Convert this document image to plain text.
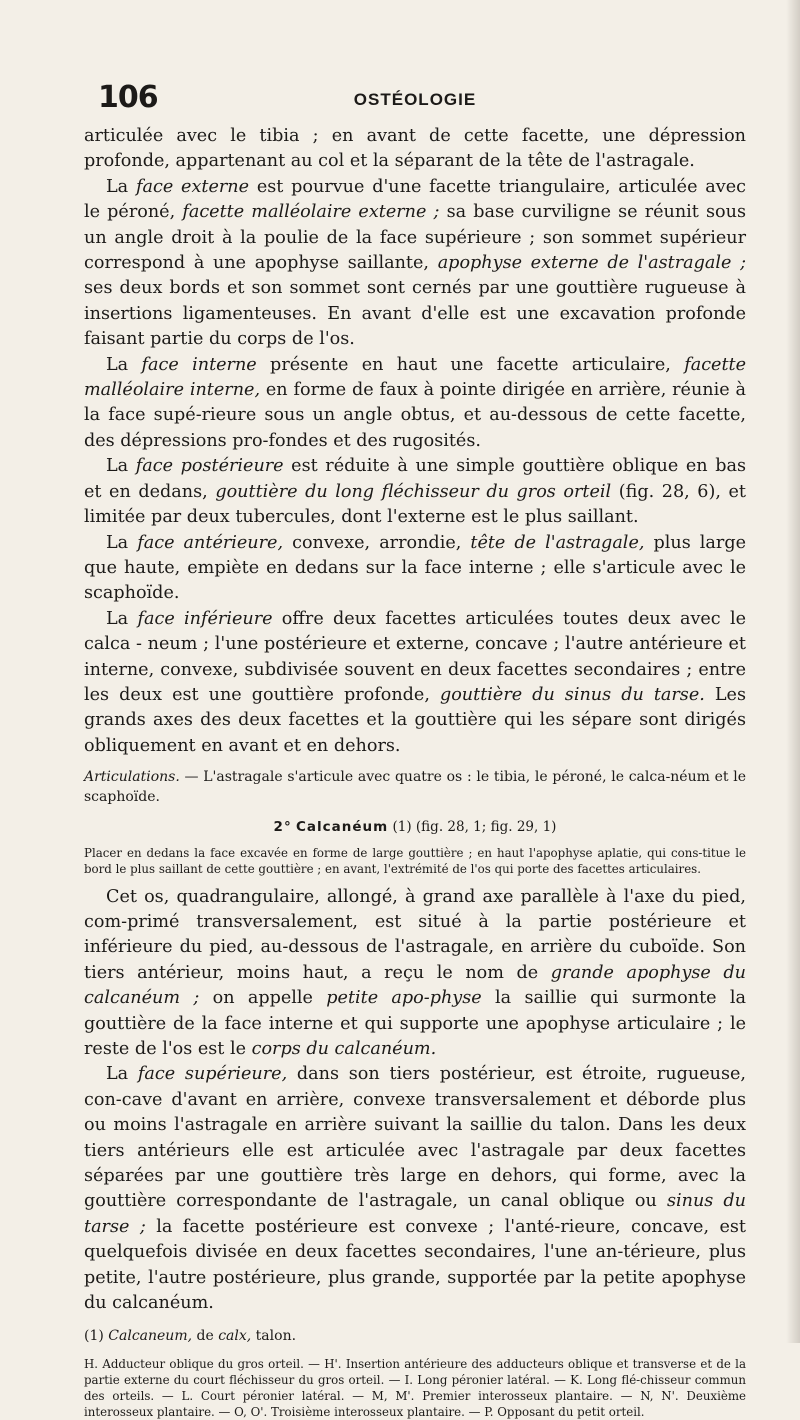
106	OSTÉOLOGIE

articulée avec le tibia ; en avant de cette facette, une dépression profonde, appartenant au col et la séparant de la tête de l'astragale.

La face externe est pourvue d'une facette triangulaire, articulée avec le péroné, facette malléolaire externe ; sa base curviligne se réunit sous un angle droit à la poulie de la face supérieure ; son sommet supérieur correspond à une apophyse saillante, apophyse externe de l'astragale ; ses deux bords et son sommet sont cernés par une gouttière rugueuse à insertions ligamenteuses. En avant d'elle est une excavation profonde faisant partie du corps de l'os.

La face interne présente en haut une facette articulaire, facette malléolaire interne, en forme de faux à pointe dirigée en arrière, réunie à la face supé-rieure sous un angle obtus, et au-dessous de cette facette, des dépressions pro-fondes et des rugosités.

La face postérieure est réduite à une simple gouttière oblique en bas et en dedans, gouttière du long fléchisseur du gros orteil (fig. 28, 6), et limitée par deux tubercules, dont l'externe est le plus saillant.

La face antérieure, convexe, arrondie, tête de l'astragale, plus large que haute, empiète en dedans sur la face interne ; elle s'articule avec le scaphoïde.

La face inférieure offre deux facettes articulées toutes deux avec le calca - neum ; l'une postérieure et externe, concave ; l'autre antérieure et interne, convexe, subdivisée souvent en deux facettes secondaires ; entre les deux est une gouttière profonde, gouttière du sinus du tarse. Les grands axes des deux facettes et la gouttière qui les sépare sont dirigés obliquement en avant et en dehors.

Articulations. — L'astragale s'articule avec quatre os : le tibia, le péroné, le calca-néum et le scaphoïde.

2° Calcanéum (1) (fig. 28, 1; fig. 29, 1)

Placer en dedans la face excavée en forme de large gouttière ; en haut l'apophyse aplatie, qui cons-titue le bord le plus saillant de cette gouttière ; en avant, l'extrémité de l'os qui porte des facettes articulaires.

Cet os, quadrangulaire, allongé, à grand axe parallèle à l'axe du pied, com-primé transversalement, est situé à la partie postérieure et inférieure du pied, au-dessous de l'astragale, en arrière du cuboïde. Son tiers antérieur, moins haut, a reçu le nom de grande apophyse du calcanéum ; on appelle petite apo-physe la saillie qui surmonte la gouttière de la face interne et qui supporte une apophyse articulaire ; le reste de l'os est le corps du calcanéum.

La face supérieure, dans son tiers postérieur, est étroite, rugueuse, con-cave d'avant en arrière, convexe transversalement et déborde plus ou moins l'astragale en arrière suivant la saillie du talon. Dans les deux tiers antérieurs elle est articulée avec l'astragale par deux facettes séparées par une gouttière très large en dehors, qui forme, avec la gouttière correspondante de l'astragale, un canal oblique ou sinus du tarse ; la facette postérieure est convexe ; l'anté-rieure, concave, est quelquefois divisée en deux facettes secondaires, l'une an-térieure, plus petite, l'autre postérieure, plus grande, supportée par la petite apophyse du calcanéum.

(1) Calcaneum, de calx, talon.

H. Adducteur oblique du gros orteil. — H'. Insertion antérieure des adducteurs oblique et transverse et de la partie externe du court fléchisseur du gros orteil. — I. Long péronier latéral. — K. Long flé-chisseur commun des orteils. — L. Court péronier latéral. — M, M'. Premier interosseux plantaire. — N, N'. Deuxième interosseux plantaire. — O, O'. Troisième interosseux plantaire. — P. Opposant du petit orteil.
